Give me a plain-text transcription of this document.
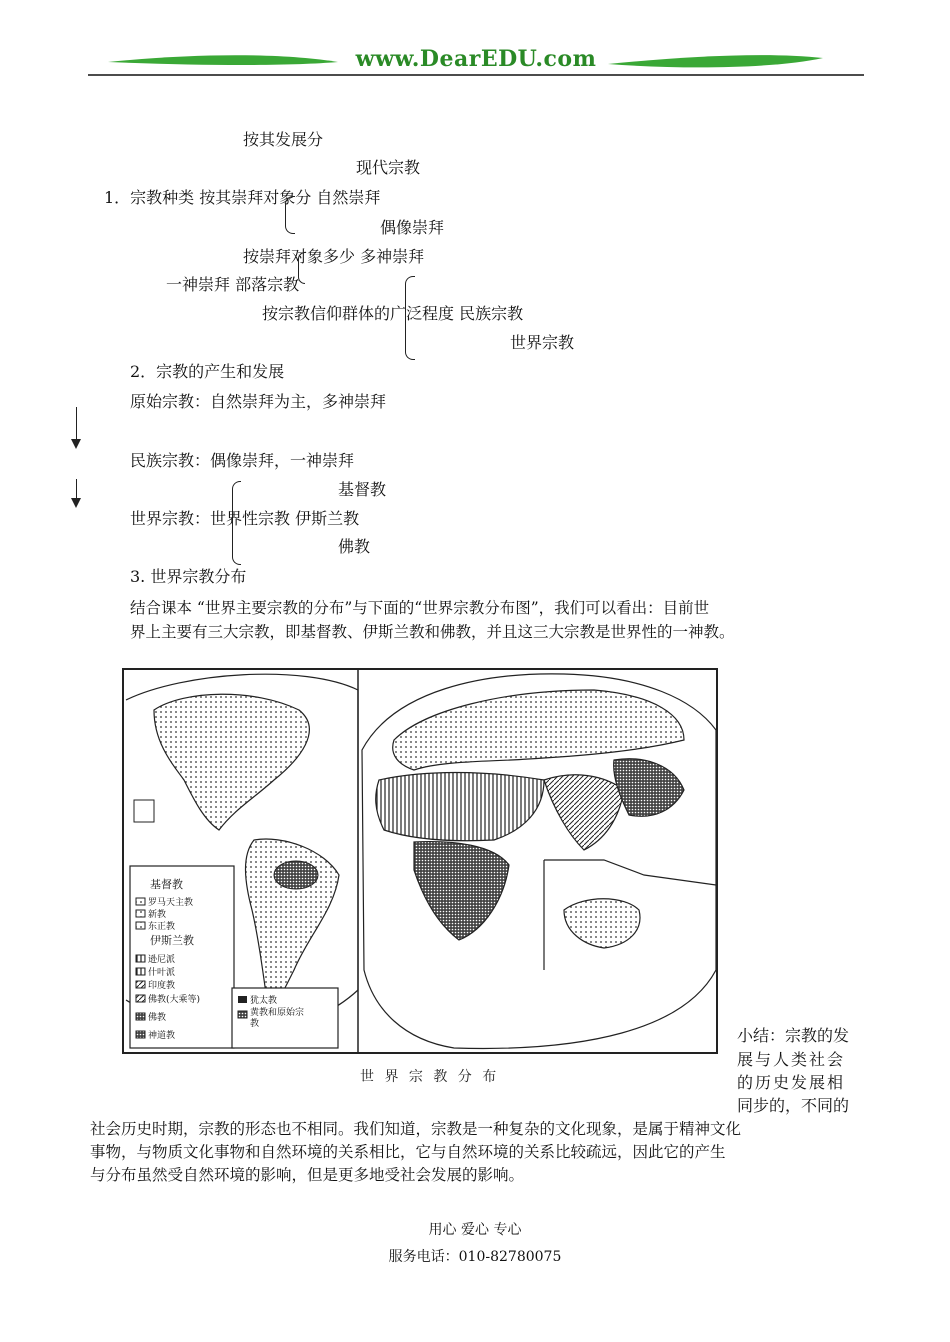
www.DearEDU.com
按其发展分
现代宗教
1．宗教种类 按其崇拜对象分 自然崇拜
偶像崇拜
按崇拜对象多少 多神崇拜
一神崇拜 部落宗教
按宗教信仰群体的广泛程度 民族宗教
世界宗教
2．宗教的产生和发展
原始宗教：自然崇拜为主，多神崇拜
民族宗教：偶像崇拜，一神崇拜
基督教
世界宗教：世界性宗教 伊斯兰教
佛教
3. 世界宗教分布
结合课本 “世界主要宗教的分布”与下面的“世界宗教分布图”，我们可以看出：目前世
界上主要有三大宗教，即基督教、伊斯兰教和佛教，并且这三大宗教是世界性的一神教。
基督教
罗马天主教
新教
东正教
伊斯兰教
逊尼派
什叶派
印度教
佛教(大乘等)
佛教
神道教
犹太教
黄教和原始宗教
世 界 宗 教 分 布
小结：宗教的发
展与人类社会
的历史发展相
同步的，不同的
社会历史时期，宗教的形态也不相同。我们知道，宗教是一种复杂的文化现象，是属于精神文化
事物，与物质文化事物和自然环境的关系相比，它与自然环境的关系比较疏远，因此它的产生
与分布虽然受自然环境的影响，但是更多地受社会发展的影响。
用心 爱心 专心
服务电话：010-82780075
